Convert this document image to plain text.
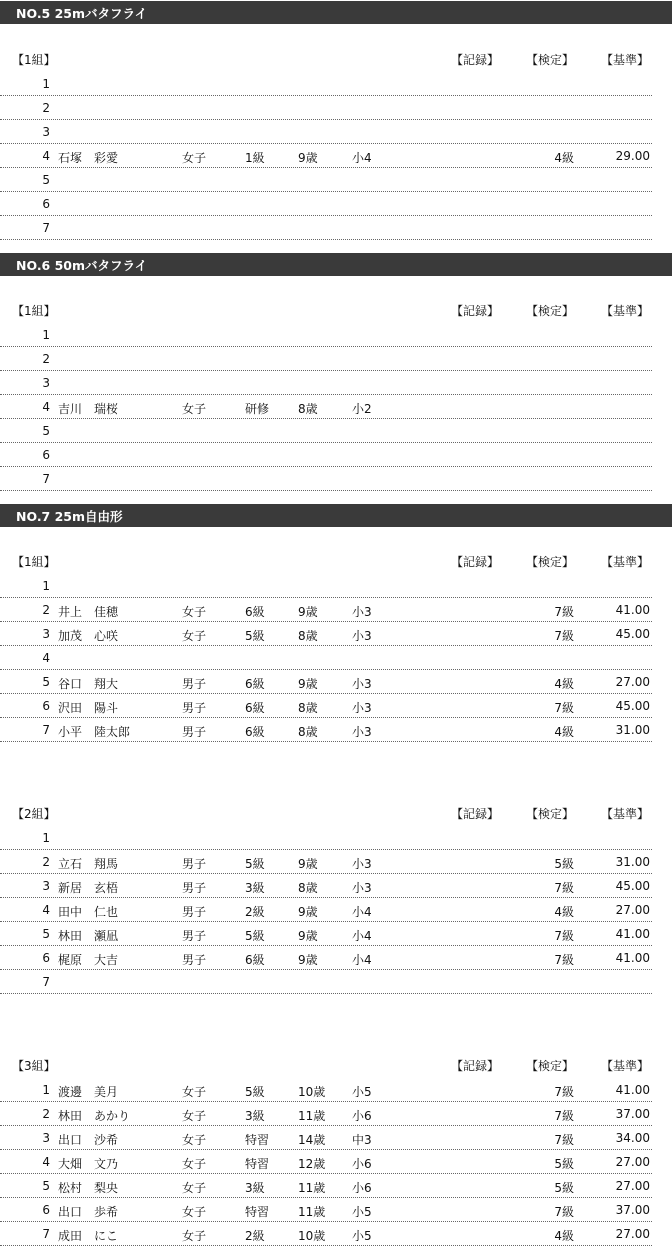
NO.5 25mバタフライ
【1組】	【記録】 【検定】 【基準】
1
2
3
4 石塚　彩愛	女子	1級	9歳	小4	4級	29.00
5
6
7
NO.6 50mバタフライ
【1組】	【記録】 【検定】 【基準】
1
2
3
4 吉川　瑞桜	女子	研修 8歳	小2
5
6
7
NO.7 25m自由形
【1組】	【記録】 【検定】 【基準】
1
2 井上　佳穂	女子	6級	9歳	小3	7級	41.00
3 加茂　心咲	女子	5級	8歳	小3	7級	45.00
4
5 谷口　翔大	男子	6級	9歳	小3	4級	27.00
6 沢田　陽斗	男子	6級	8歳	小3	7級	45.00
7 小平　陸太郎	男子	6級	8歳	小3	4級	31.00
【2組】	【記録】 【検定】 【基準】
1
2 立石　翔馬	男子	5級	9歳	小3	5級	31.00
3 新居　玄梧	男子	3級	8歳	小3	7級	45.00
4 田中　仁也	男子	2級	9歳	小4	4級	27.00
5 林田　瀬凪	男子	5級	9歳	小4	7級	41.00
6 梶原　大吉	男子	6級	9歳	小4	7級	41.00
7
【3組】	【記録】 【検定】 【基準】
1 渡邊　美月	女子	5級	10歳 小5	7級	41.00
2 林田　あかり	女子	3級	11歳 小6	7級	37.00
3 出口　沙希	女子	特習 14歳 中3	7級	34.00
4 大畑　文乃	女子	特習 12歳 小6	5級	27.00
5 松村　梨央	女子	3級	11歳 小6	5級	27.00
6 出口　歩希	女子	特習 11歳 小5	7級	37.00
7 成田　にこ	女子	2級	10歳 小5	4級	27.00
